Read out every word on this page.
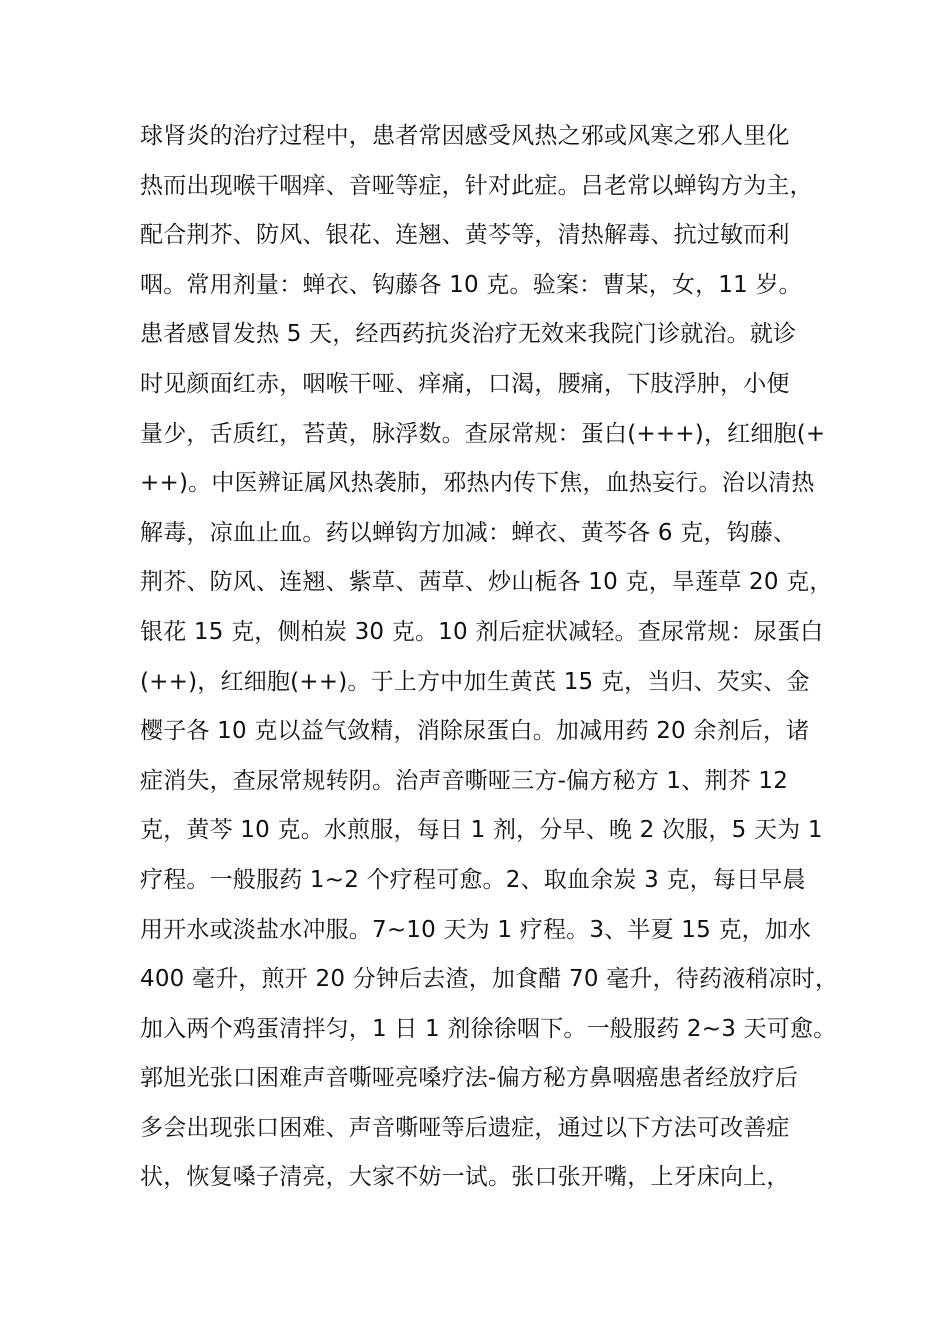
球肾炎的治疗过程中，患者常因感受风热之邪或风寒之邪人里化
热而出现喉干咽痒、音哑等症，针对此症。吕老常以蝉钩方为主，
配合荆芥、防风、银花、连翘、黄芩等，清热解毒、抗过敏而利
咽。常用剂量：蝉衣、钩藤各 10 克。验案：曹某，女，11 岁。
患者感冒发热 5 天，经西药抗炎治疗无效来我院门诊就治。就诊
时见颜面红赤，咽喉干哑、痒痛，口渴，腰痛，下肢浮肿，小便
量少，舌质红，苔黄，脉浮数。查尿常规：蛋白(+++)，红细胞(+
++)。中医辨证属风热袭肺，邪热内传下焦，血热妄行。治以清热
解毒，凉血止血。药以蝉钩方加减：蝉衣、黄芩各 6 克，钩藤、
荆芥、防风、连翘、紫草、茜草、炒山栀各 10 克，旱莲草 20 克，
银花 15 克，侧柏炭 30 克。10 剂后症状减轻。查尿常规：尿蛋白
(++)，红细胞(++)。于上方中加生黄芪 15 克，当归、芡实、金
樱子各 10 克以益气敛精，消除尿蛋白。加减用药 20 余剂后，诸
症消失，查尿常规转阴。治声音嘶哑三方-偏方秘方 1、荆芥 12
克，黄芩 10 克。水煎服，每日 1 剂，分早、晚 2 次服，5 天为 1
疗程。一般服药 1~2 个疗程可愈。2、取血余炭 3 克，每日早晨
用开水或淡盐水冲服。7~10 天为 1 疗程。3、半夏 15 克，加水
400 毫升，煎开 20 分钟后去渣，加食醋 70 毫升，待药液稍凉时，
加入两个鸡蛋清拌匀，1 日 1 剂徐徐咽下。一般服药 2~3 天可愈。
郭旭光张口困难声音嘶哑亮嗓疗法-偏方秘方鼻咽癌患者经放疗后
多会出现张口困难、声音嘶哑等后遗症，通过以下方法可改善症
状，恢复嗓子清亮，大家不妨一试。张口张开嘴，上牙床向上，
